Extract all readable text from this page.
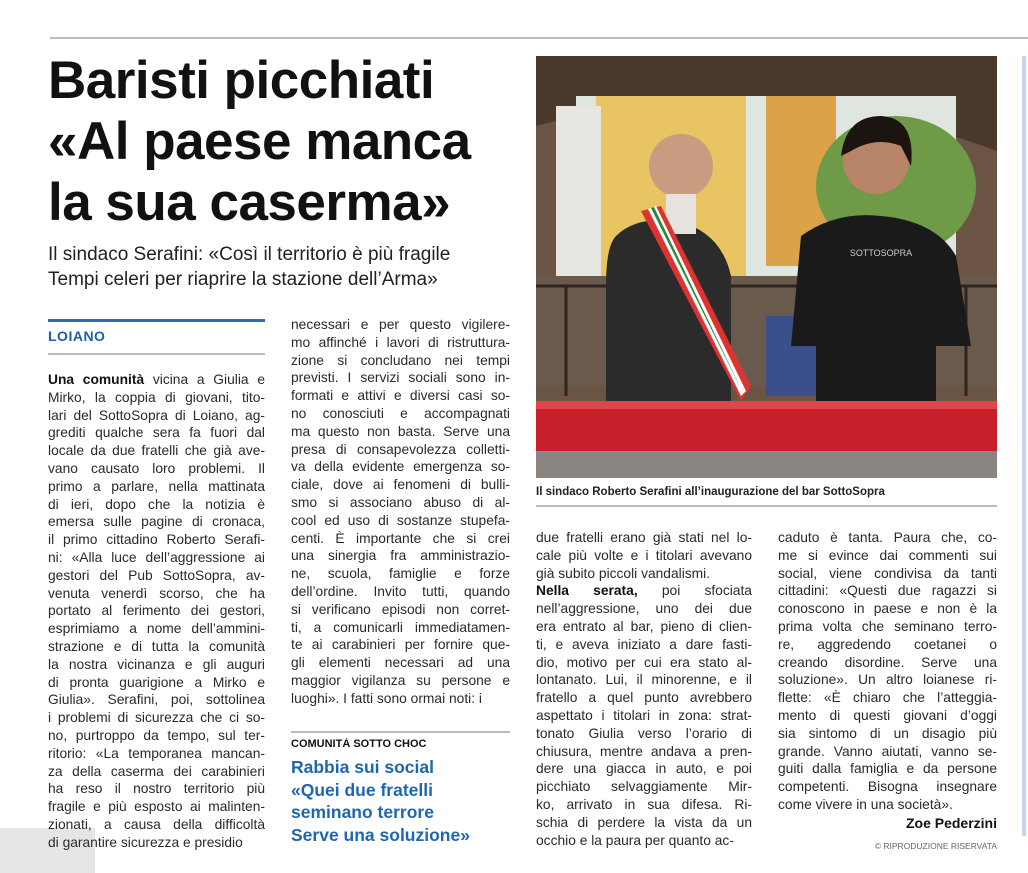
Baristi picchiati
«Al paese manca
la sua caserma»
Il sindaco Serafini: «Così il territorio è più fragile
Tempi celeri per riaprire la stazione dell’Arma»
LOIANO
Una comunità vicina a Giulia e
Mirko, la coppia di giovani, tito-
lari del SottoSopra di Loiano, ag-
grediti qualche sera fa fuori dal
locale da due fratelli che già ave-
vano causato loro problemi. Il
primo a parlare, nella mattinata
di ieri, dopo che la notizia è
emersa sulle pagine di cronaca,
il primo cittadino Roberto Serafi-
ni: «Alla luce dell’aggressione ai
gestori del Pub SottoSopra, av-
venuta venerdì scorso, che ha
portato al ferimento dei gestori,
esprimiamo a nome dell’ammini-
strazione e di tutta la comunità
la nostra vicinanza e gli auguri
di pronta guarigione a Mirko e
Giulia». Serafini, poi, sottolinea
i problemi di sicurezza che ci so-
no, purtroppo da tempo, sul ter-
ritorio: «La temporanea mancan-
za della caserma dei carabinieri
ha reso il nostro territorio più
fragile e più esposto ai malinten-
zionati, a causa della difficoltà
di garantire sicurezza e presidio
necessari e per questo vigilere-
mo affinché i lavori di ristruttura-
zione si concludano nei tempi
previsti. I servizi sociali sono in-
formati e attivi e diversi casi so-
no conosciuti e accompagnati
ma questo non basta. Serve una
presa di consapevolezza colletti-
va della evidente emergenza so-
ciale, dove ai fenomeni di bulli-
smo si associano abuso di al-
cool ed uso di sostanze stupefa-
centi. È importante che si crei
una sinergia fra amministrazio-
ne, scuola, famiglie e forze
dell’ordine. Invito tutti, quando
si verificano episodi non corret-
ti, a comunicarli immediatamen-
te ai carabinieri per fornire que-
gli elementi necessari ad una
maggior vigilanza su persone e
luoghi». I fatti sono ormai noti: i
due fratelli erano già stati nel lo-
cale più volte e i titolari avevano
già subito piccoli vandalismi.
Nella serata, poi sfociata
nell’aggressione, uno dei due
era entrato al bar, pieno di clien-
ti, e aveva iniziato a dare fasti-
dio, motivo per cui era stato al-
lontanato. Lui, il minorenne, e il
fratello a quel punto avrebbero
aspettato i titolari in zona: strat-
tonato Giulia verso l’orario di
chiusura, mentre andava a pren-
dere una giacca in auto, e poi
picchiato selvaggiamente Mir-
ko, arrivato in sua difesa. Ri-
schia di perdere la vista da un
occhio e la paura per quanto ac-
caduto è tanta. Paura che, co-
me si evince dai commenti sui
social, viene condivisa da tanti
cittadini: «Questi due ragazzi si
conoscono in paese e non è la
prima volta che seminano terro-
re, aggredendo coetanei o
creando disordine. Serve una
soluzione». Un altro loianese ri-
flette: «È chiaro che l’atteggia-
mento di questi giovani d’oggi
sia sintomo di un disagio più
grande. Vanno aiutati, vanno se-
guiti dalla famiglia e da persone
competenti. Bisogna insegnare
come vivere in una società».
COMUNITÀ SOTTO CHOC
Rabbia sui social
«Quei due fratelli
seminano terrore
Serve una soluzione»
SOTTOSOPRA
Il sindaco Roberto Serafini all’inaugurazione del bar SottoSopra
Zoe Pederzini
© RIPRODUZIONE RISERVATA
